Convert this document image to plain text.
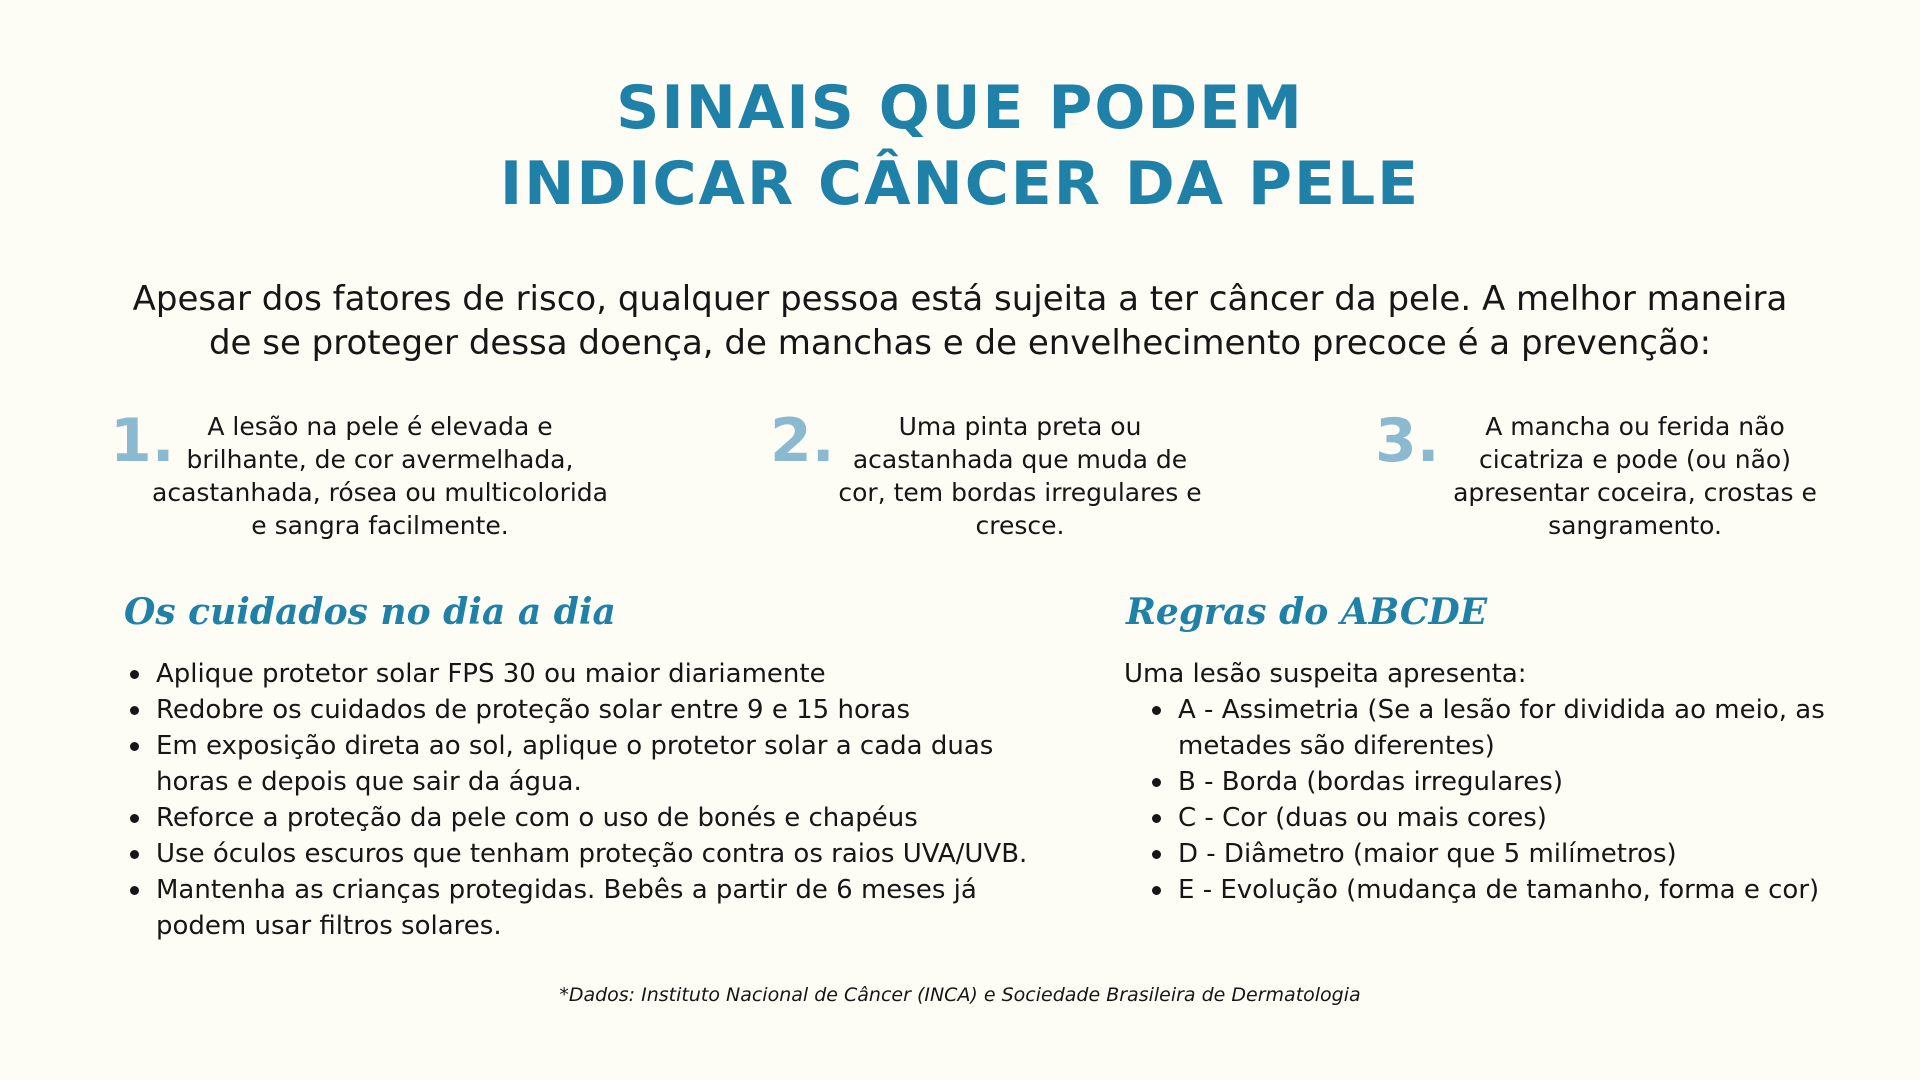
SINAIS QUE PODEM
INDICAR CÂNCER DA PELE

Apesar dos fatores de risco, qualquer pessoa está sujeita a ter câncer da pele. A melhor maneira
de se proteger dessa doença, de manchas e de envelhecimento precoce é a prevenção:

1.	A lesão na pele é elevada e
brilhante, de cor avermelhada,
acastanhada, rósea ou multicolorida
e sangra facilmente.

2.	Uma pinta preta ou
acastanhada que muda de
cor, tem bordas irregulares e
cresce.

3.	A mancha ou ferida não
cicatriza e pode (ou não)
apresentar coceira, crostas e
sangramento.

Os cuidados no dia a dia
Aplique protetor solar FPS 30 ou maior diariamente
Redobre os cuidados de proteção solar entre 9 e 15 horas
Em exposição direta ao sol, aplique o protetor solar a cada duas
horas e depois que sair da água.
Reforce a proteção da pele com o uso de bonés e chapéus
Use óculos escuros que tenham proteção contra os raios UVA/UVB.
Mantenha as crianças protegidas. Bebês a partir de 6 meses já
podem usar filtros solares.
Regras do ABCDE

Uma lesão suspeita apresenta:

A - Assimetria (Se a lesão for dividida ao meio, as
metades são diferentes)
B - Borda (bordas irregulares)
C - Cor (duas ou mais cores)
D - Diâmetro (maior que 5 milímetros)
E - Evolução (mudança de tamanho, forma e cor)

*Dados: Instituto Nacional de Câncer (INCA) e Sociedade Brasileira de Dermatologia
